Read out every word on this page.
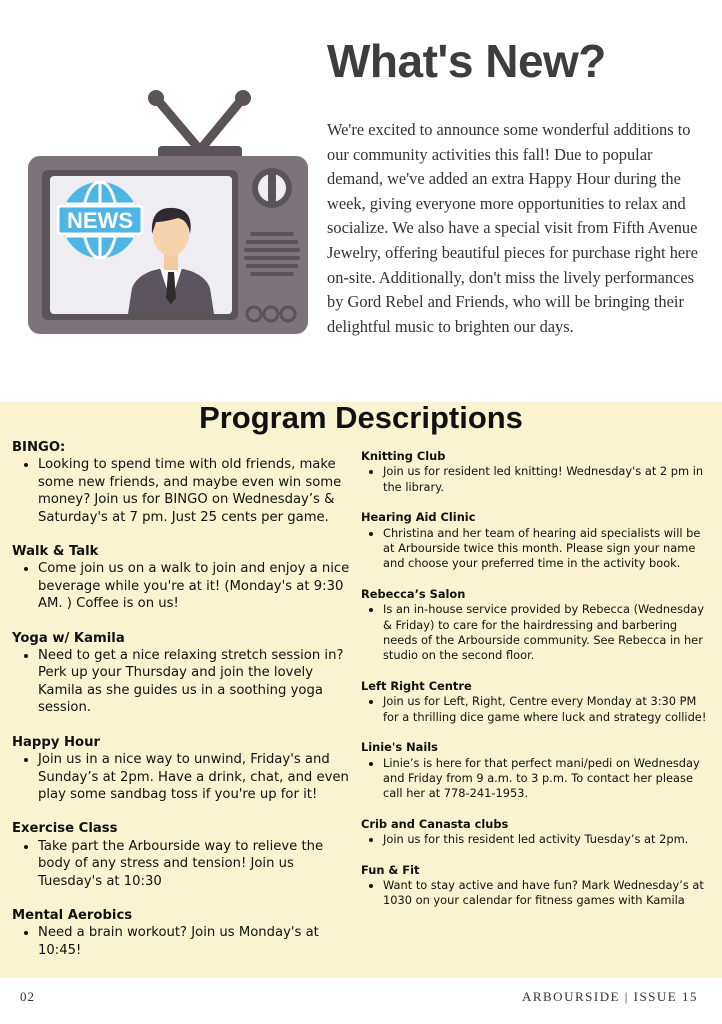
NEWS
What's New?

We're excited to announce some wonderful additions to our community activities this fall! Due to popular demand, we've added an extra Happy Hour during the week, giving everyone more opportunities to relax and socialize. We also have a special visit from Fifth Avenue Jewelry, offering beautiful pieces for purchase right here on-site. Additionally, don't miss the lively performances by Gord Rebel and Friends, who will be bringing their delightful music to brighten our days.

Program Descriptions
BINGO:
• Looking to spend time with old friends, make some new friends, and maybe even win some money? Join us for BINGO on Wednesday’s & Saturday's at 7 pm. Just 25 cents per game.
Walk & Talk
• Come join us on a walk to join and enjoy a nice beverage while you're at it! (Monday's at 9:30 AM. ) Coffee is on us!
Yoga w/ Kamila
• Need to get a nice relaxing stretch session in? Perk up your Thursday and join the lovely Kamila as she guides us in a soothing yoga session.
Happy Hour
• Join us in a nice way to unwind, Friday's and Sunday’s at 2pm. Have a drink, chat, and even play some sandbag toss if you're up for it!
Exercise Class
• Take part the Arbourside way to relieve the body of any stress and tension! Join us Tuesday's at 10:30
Mental Aerobics
• Need a brain workout? Join us Monday's at 10:45!
Knitting Club
• Join us for resident led knitting! Wednesday's at 2 pm in the library.
Hearing Aid Clinic
• Christina and her team of hearing aid specialists will be at Arbourside twice this month. Please sign your name and choose your preferred time in the activity book.
Rebecca’s Salon
• Is an in-house service provided by Rebecca (Wednesday & Friday) to care for the hairdressing and barbering needs of the Arbourside community. See Rebecca in her studio on the second floor.
Left Right Centre
• Join us for Left, Right, Centre every Monday at 3:30 PM for a thrilling dice game where luck and strategy collide!
Linie's Nails
• Linie’s is here for that perfect mani/pedi on Wednesday and Friday from 9 a.m. to 3 p.m. To contact her please call her at 778-241-1953.
Crib and Canasta clubs
• Join us for this resident led activity Tuesday’s at 2pm.
Fun & Fit
• Want to stay active and have fun? Mark Wednesday’s at 1030 on your calendar for fitness games with Kamila
02	ARBOURSIDE | ISSUE 15
